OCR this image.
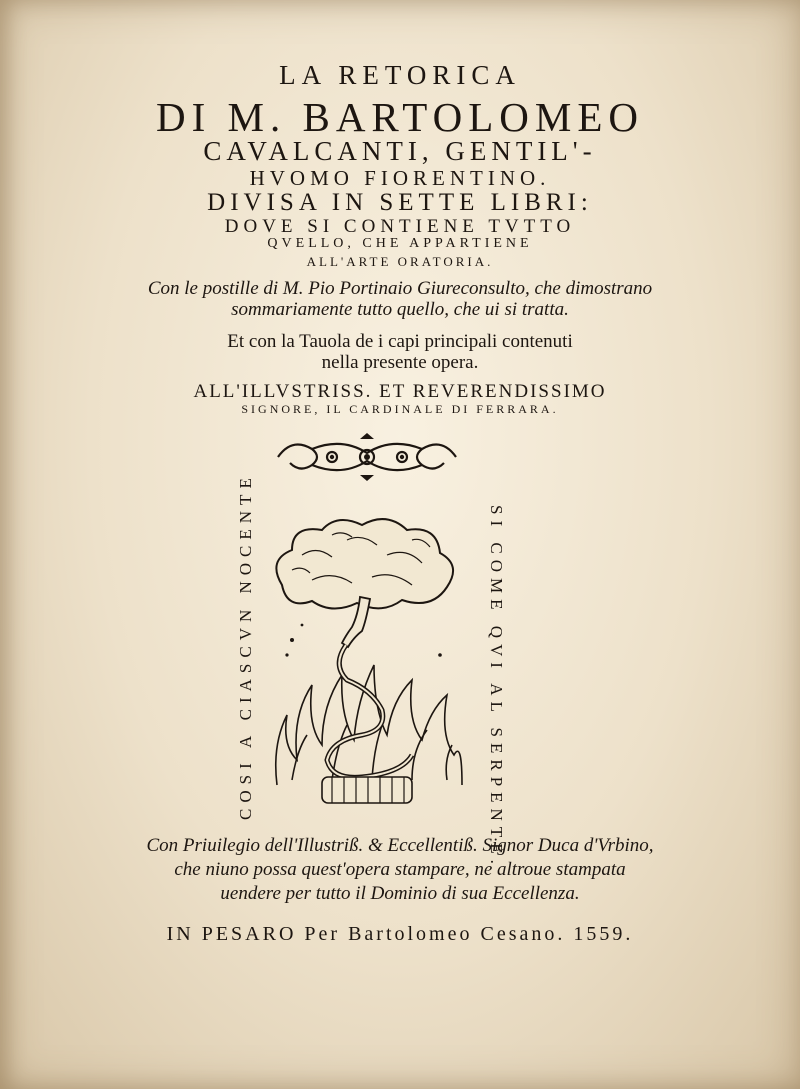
LA RETORICA
DI M. BARTOLOMEO
CAVALCANTI, GENTIL'-
HVOMO FIORENTINO.
DIVISA IN SETTE LIBRI:
DOVE SI CONTIENE TVTTO
QVELLO, CHE APPARTIENE
ALL'ARTE ORATORIA.
Con le postille di M. Pio Portinaio Giureconsulto, che dimostrano
sommariamente tutto quello, che ui si tratta.
Et con la Tauola de i capi principali contenuti
nella presente opera.
ALL'ILLVSTRISS. ET REVERENDISSIMO
SIGNORE, IL CARDINALE DI FERRARA.
COSI A CIASCVN NOCENTE	SI COME QVI AL SERPENTE.
Con Priuilegio dell'Illustriß. & Eccellentiß. Signor Duca d'Vrbino,
che niuno possa quest'opera stampare, ne altroue stampata
uendere per tutto il Dominio di sua Eccellenza.
IN PESARO Per Bartolomeo Cesano. 1559.
